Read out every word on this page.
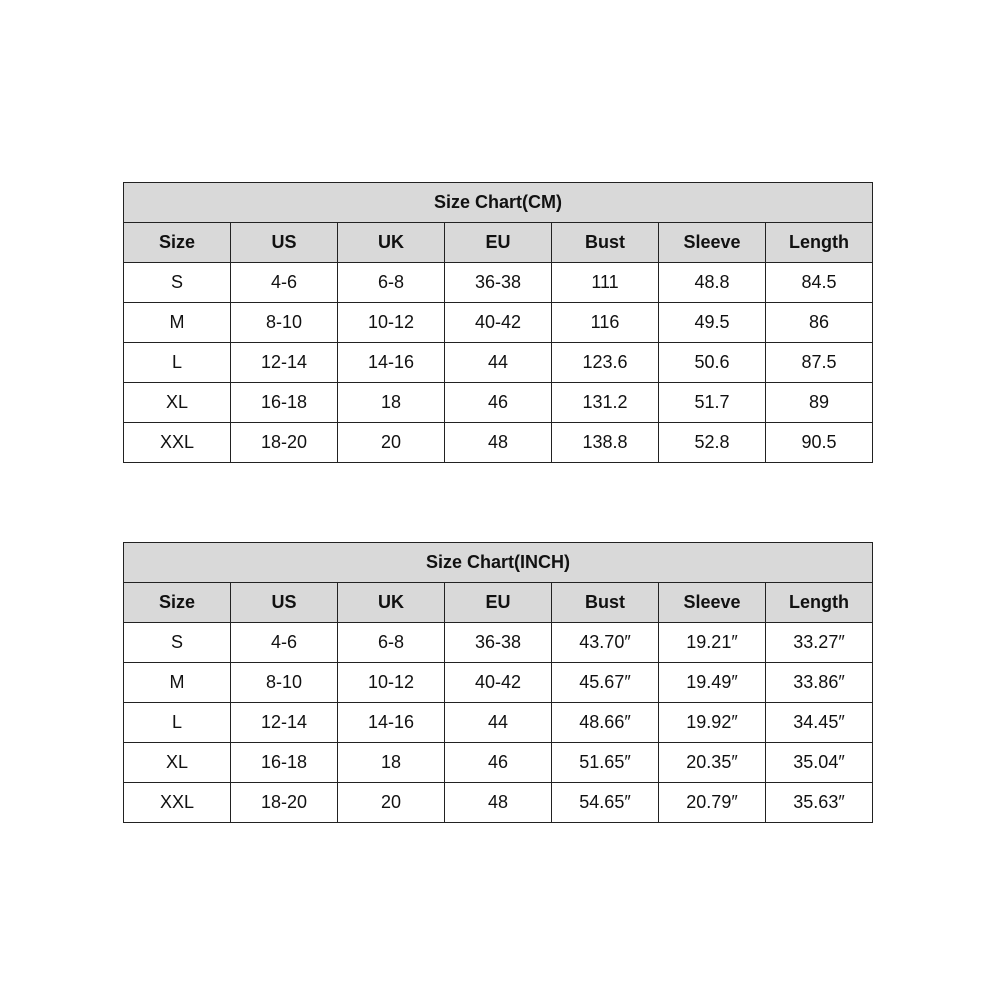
Size Chart(CM)						
Size	US	UK	EU	Bust	Sleeve	Length
S	4-6	6-8	36-38	111	48.8	84.5
M	8-10	10-12	40-42	116	49.5	86
L	12-14	14-16	44	123.6	50.6	87.5
XL	16-18	18	46	131.2	51.7	89
XXL	18-20	20	48	138.8	52.8	90.5
Size Chart(INCH)						
Size	US	UK	EU	Bust	Sleeve	Length
S	4-6	6-8	36-38	43.70″	19.21″	33.27″
M	8-10	10-12	40-42	45.67″	19.49″	33.86″
L	12-14	14-16	44	48.66″	19.92″	34.45″
XL	16-18	18	46	51.65″	20.35″	35.04″
XXL	18-20	20	48	54.65″	20.79″	35.63″
